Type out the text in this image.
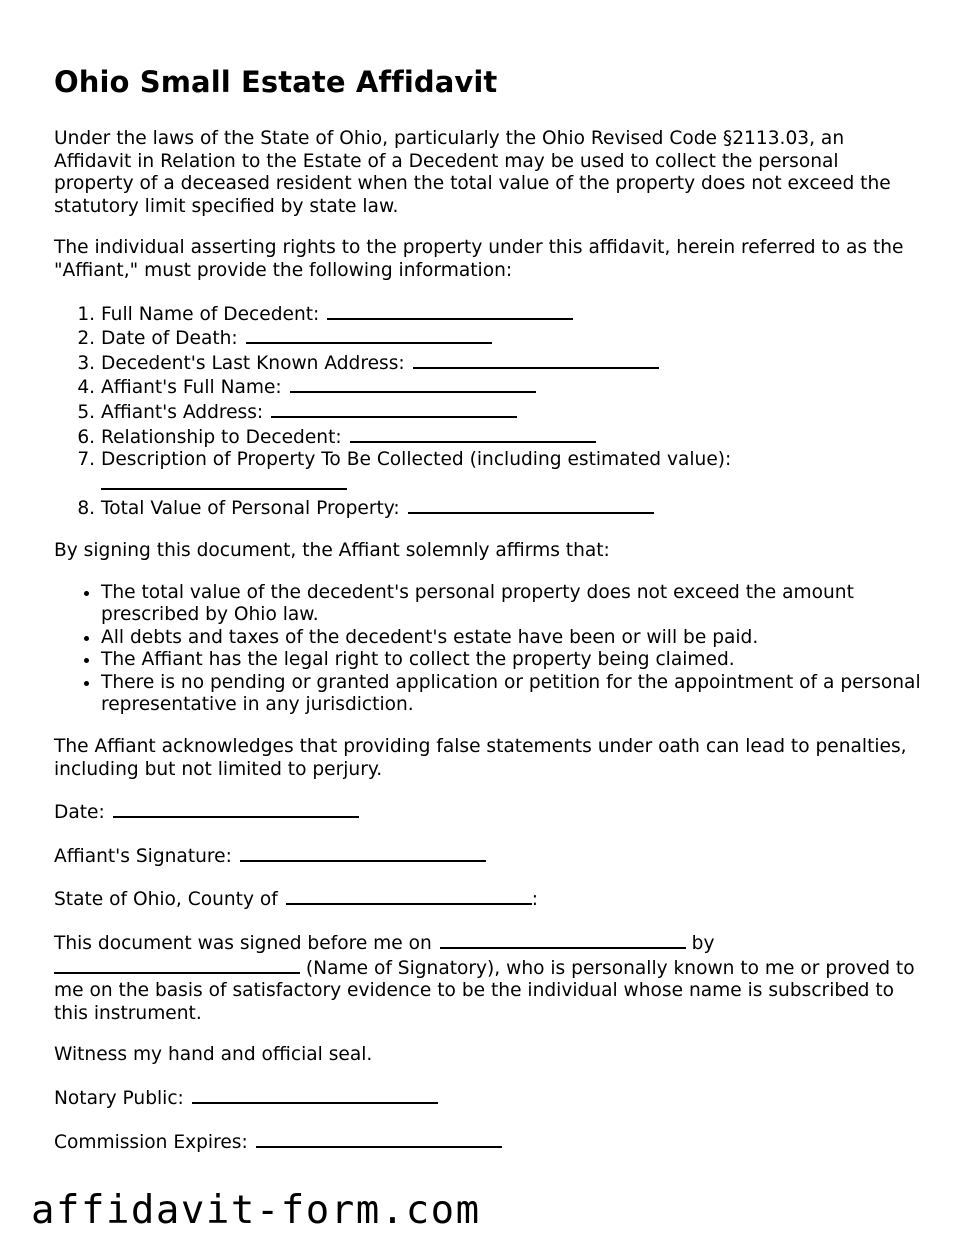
Ohio Small Estate Affidavit

Under the laws of the State of Ohio, particularly the Ohio Revised Code §2113.03, an Affidavit in Relation to the Estate of a Decedent may be used to collect the personal property of a deceased resident when the total value of the property does not exceed the statutory limit specified by state law.

The individual asserting rights to the property under this affidavit, herein referred to as the "Affiant," must provide the following information:

1. Full Name of Decedent:
2. Date of Death:
3. Decedent's Last Known Address:
4. Affiant's Full Name:
5. Affiant's Address:
6. Relationship to Decedent:
7. Description of Property To Be Collected (including estimated value):

8. Total Value of Personal Property:

By signing this document, the Affiant solemnly affirms that:

• The total value of the decedent's personal property does not exceed the amount prescribed by Ohio law.
• All debts and taxes of the decedent's estate have been or will be paid.
• The Affiant has the legal right to collect the property being claimed.
• There is no pending or granted application or petition for the appointment of a personal representative in any jurisdiction.

The Affiant acknowledges that providing false statements under oath can lead to penalties, including but not limited to perjury.

Date:

Affiant's Signature:

State of Ohio, County of	:

This document was signed before me on	by
(Name of Signatory), who is personally known to me or proved to me on the basis of satisfactory evidence to be the individual whose name is subscribed to this instrument.

Witness my hand and official seal.

Notary Public:

Commission Expires:

affidavit-form.com
